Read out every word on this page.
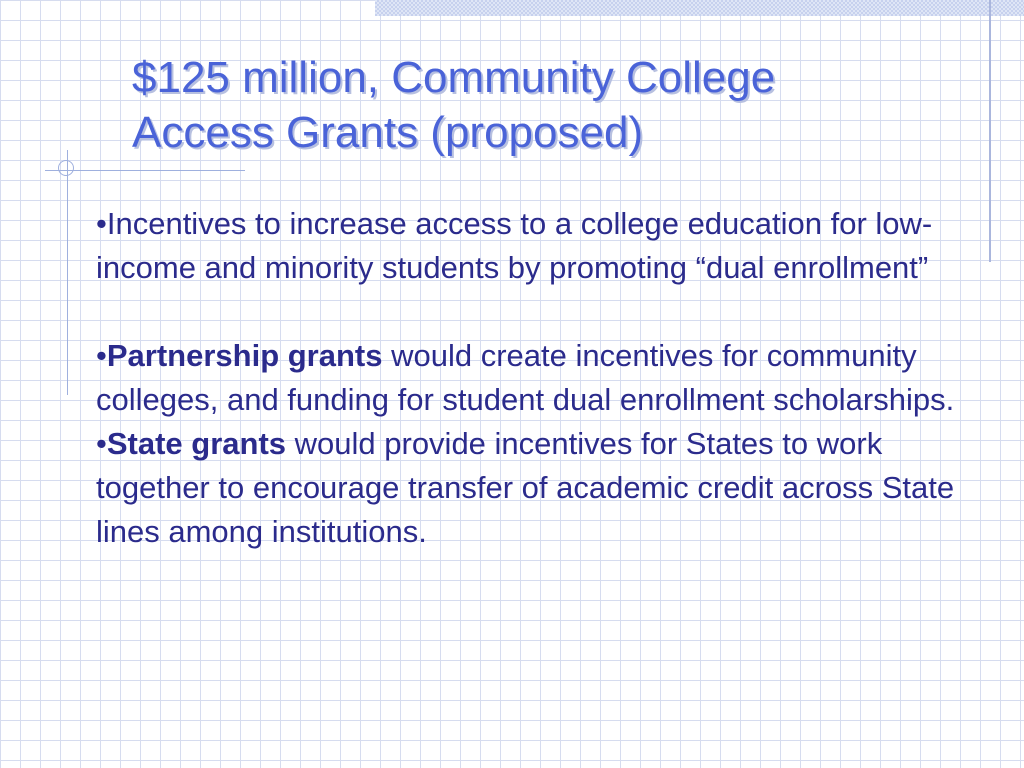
$125 million, Community College
Access Grants (proposed)

•Incentives to increase access to a college education for low-income and minority students by promoting “dual enrollment”

•Partnership grants would create incentives for community colleges, and funding for student dual enrollment scholarships.

•State grants would provide incentives for States to work together to encourage transfer of academic credit across State lines among institutions.
